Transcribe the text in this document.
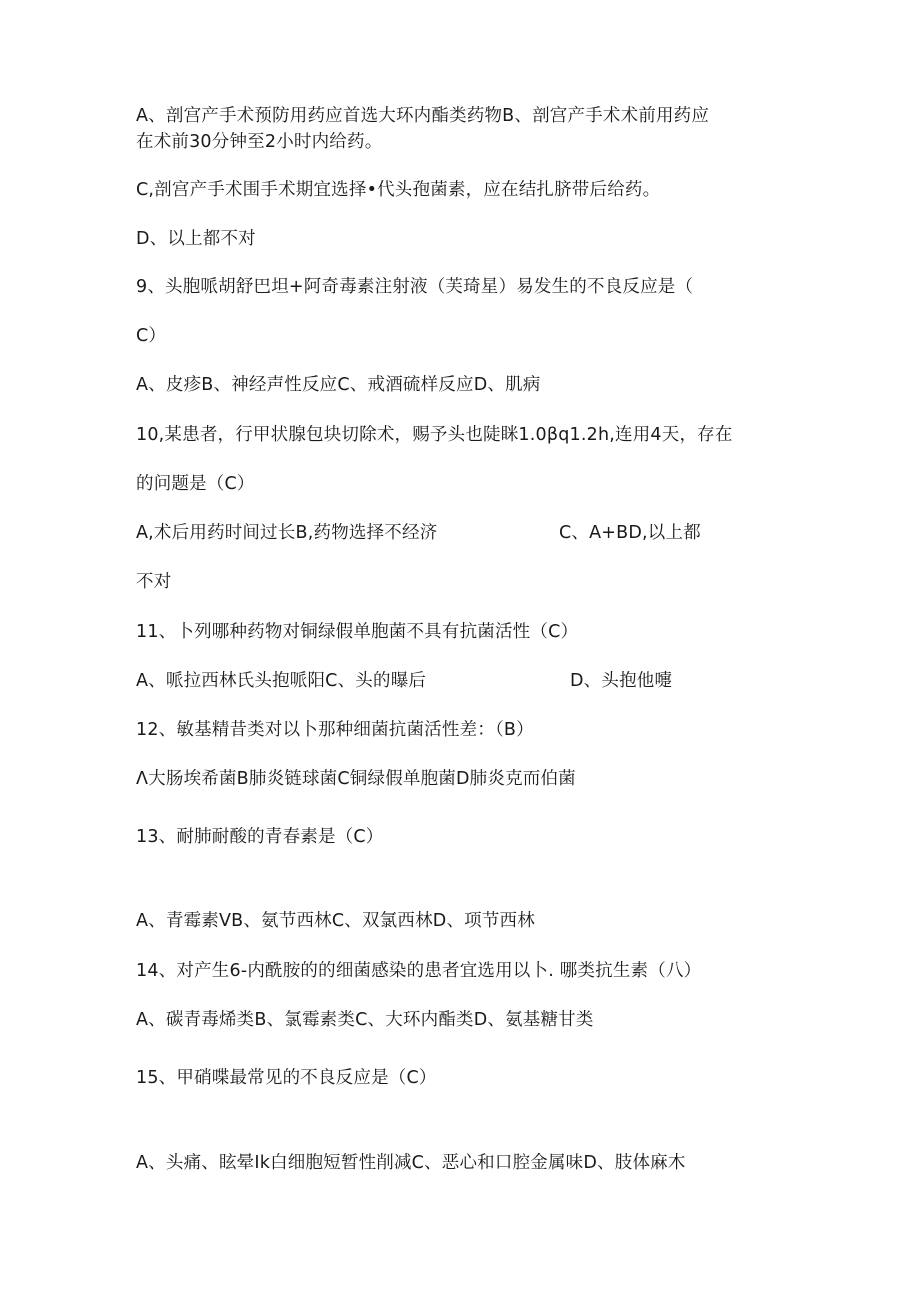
A、剖宫产手术预防用药应首选大环内酯类药物B、剖宫产手术术前用药应
在术前30分钟至2小时内给药。
C,剖宫产手术围手术期宜选择•代头孢菌素，应在结扎脐带后给药。
D、以上都不对
9、头胞哌胡舒巴坦+阿奇毒素注射液（芙琦星）易发生的不良反应是（
C）
A、皮疹B、神经声性反应C、戒酒硫样反应D、肌病
10,某患者，行甲状腺包块切除术，赐予头也陡眯1.0βq1.2h,连用4天，存在
的问题是（C）
A,术后用药时间过长B,药物选择不经济	C、A+BD,以上都
不对
11、卜列哪种药物对铜绿假单胞菌不具有抗菌活性（C）
A、哌拉西林氏头抱哌阳C、头的曝后	D、头抱他嚏
12、敏基精昔类对以卜那种细菌抗菌活性差：（B）
Λ大肠埃希菌B肺炎链球菌C铜绿假单胞菌D肺炎克而伯菌
13、耐肺耐酸的青春素是（C）
A、青霉素VB、氨节西林C、双氯西林D、项节西林
14、对产生6-内酰胺的的细菌感染的患者宜选用以卜. 哪类抗生素（八）
A、碳青毒烯类B、氯霉素类C、大环内酯类D、氨基糖甘类
15、甲硝喋最常见的不良反应是（C）
A、头痛、眩晕Ik白细胞短暂性削减C、恶心和口腔金属味D、肢体麻木
